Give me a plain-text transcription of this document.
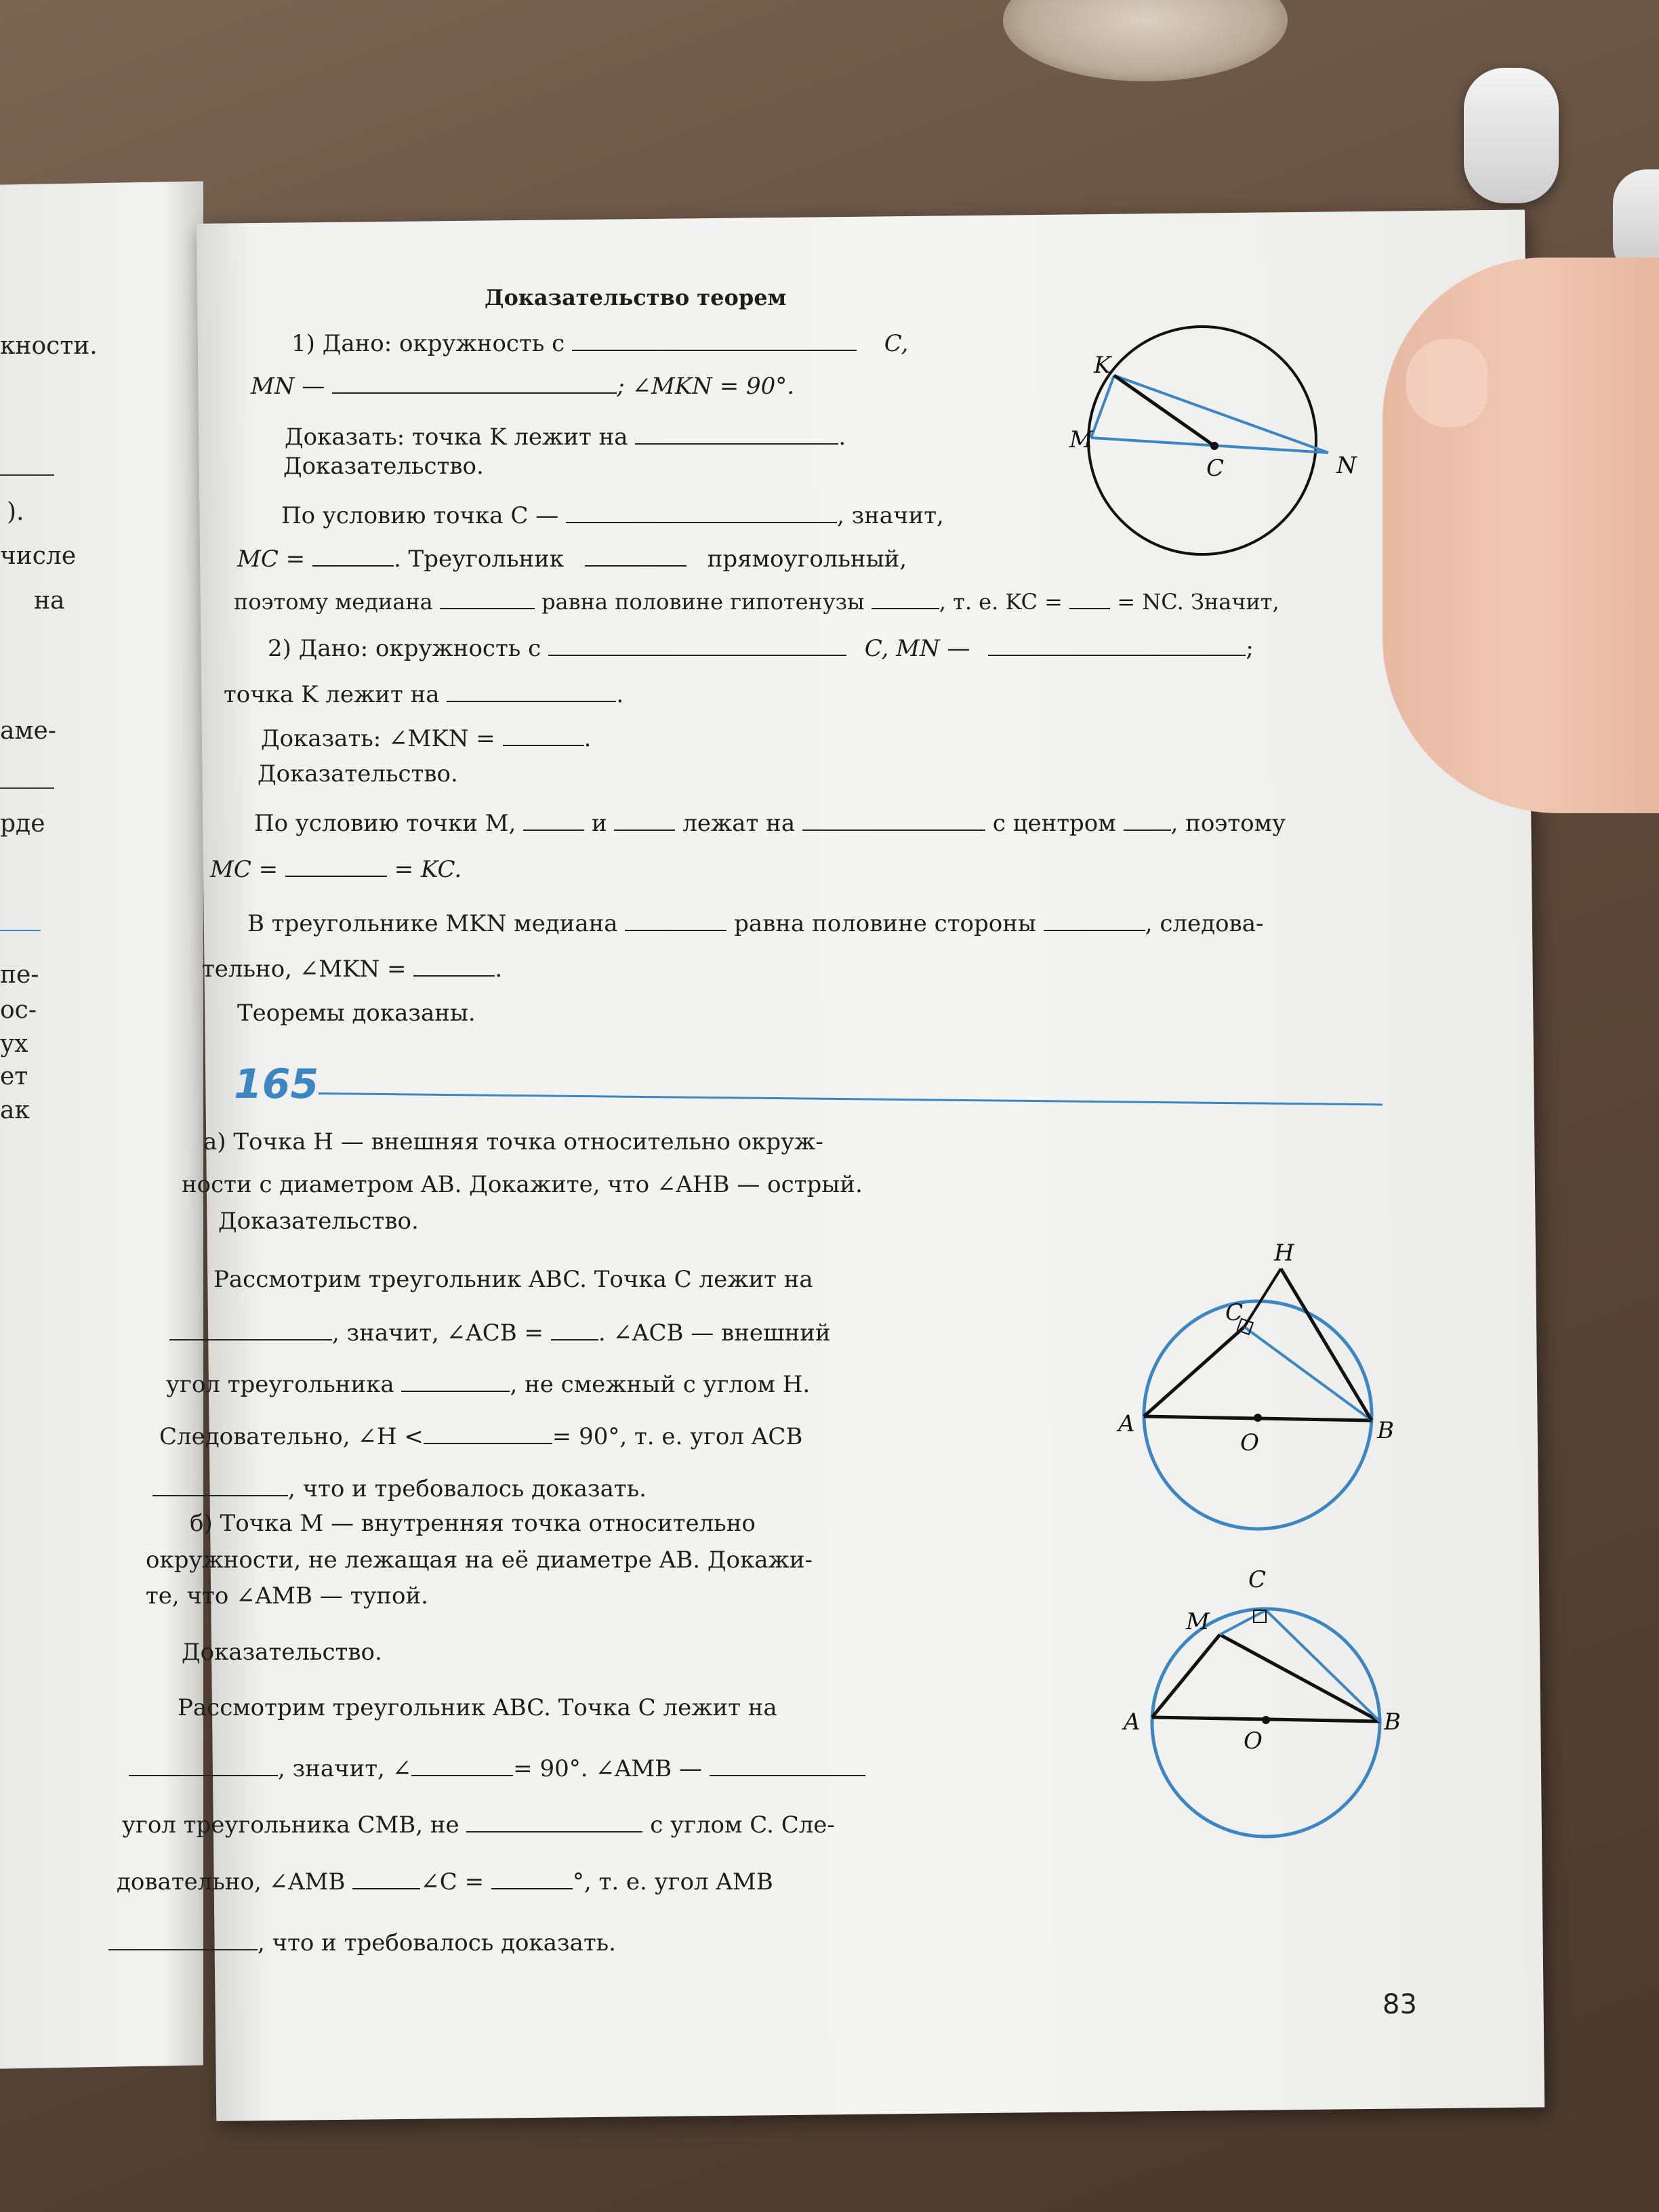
кности.
).
числе
на
аме-
рде
пе-
ос-
ух
ет
ак
Доказательство теорем
1) Дано: окружность с	C,
MN —	; ∠MKN = 90°.
Доказать: точка K лежит на	.
Доказательство.
По условию точка C —	, значит,
MC =	. Треугольник	прямоугольный,
поэтому медиана	равна половине гипотенузы	, т. е. KC =	= NC. Значит,
K
M
C	N
2) Дано: окружность с	C, MN —	;
точка K лежит на	.
Доказать: ∠MKN =	.
Доказательство.
По условию точки M,	и	лежат на	с центром , поэтому
MC =	= KC.
В треугольнике MKN медиана	равна половине стороны	, следова-
тельно, ∠MKN =	.
Теоремы доказаны.
165
а) Точка H — внешняя точка относительно окруж-
ности с диаметром AB. Докажите, что ∠AHB — острый.
Доказательство.
Рассмотрим треугольник ABC. Точка C лежит на
, значит, ∠ACB = . ∠ACB — внешний
угол треугольника	, не смежный с углом H.
Следовательно, ∠H <	= 90°, т. е. угол ACB
, что и требовалось доказать.
H
C
A
O	B
б) Точка M — внутренняя точка относительно
окружности, не лежащая на её диаметре AB. Докажи-
те, что ∠AMB — тупой.
Доказательство.
Рассмотрим треугольник ABC. Точка C лежит на
, значит, ∠	= 90°. ∠AMB —
угол треугольника CMB, не	с углом C. Сле-
довательно, ∠AMB	∠C =	°, т. е. угол AMB
, что и требовалось доказать.
C
M
A
O
B
83
